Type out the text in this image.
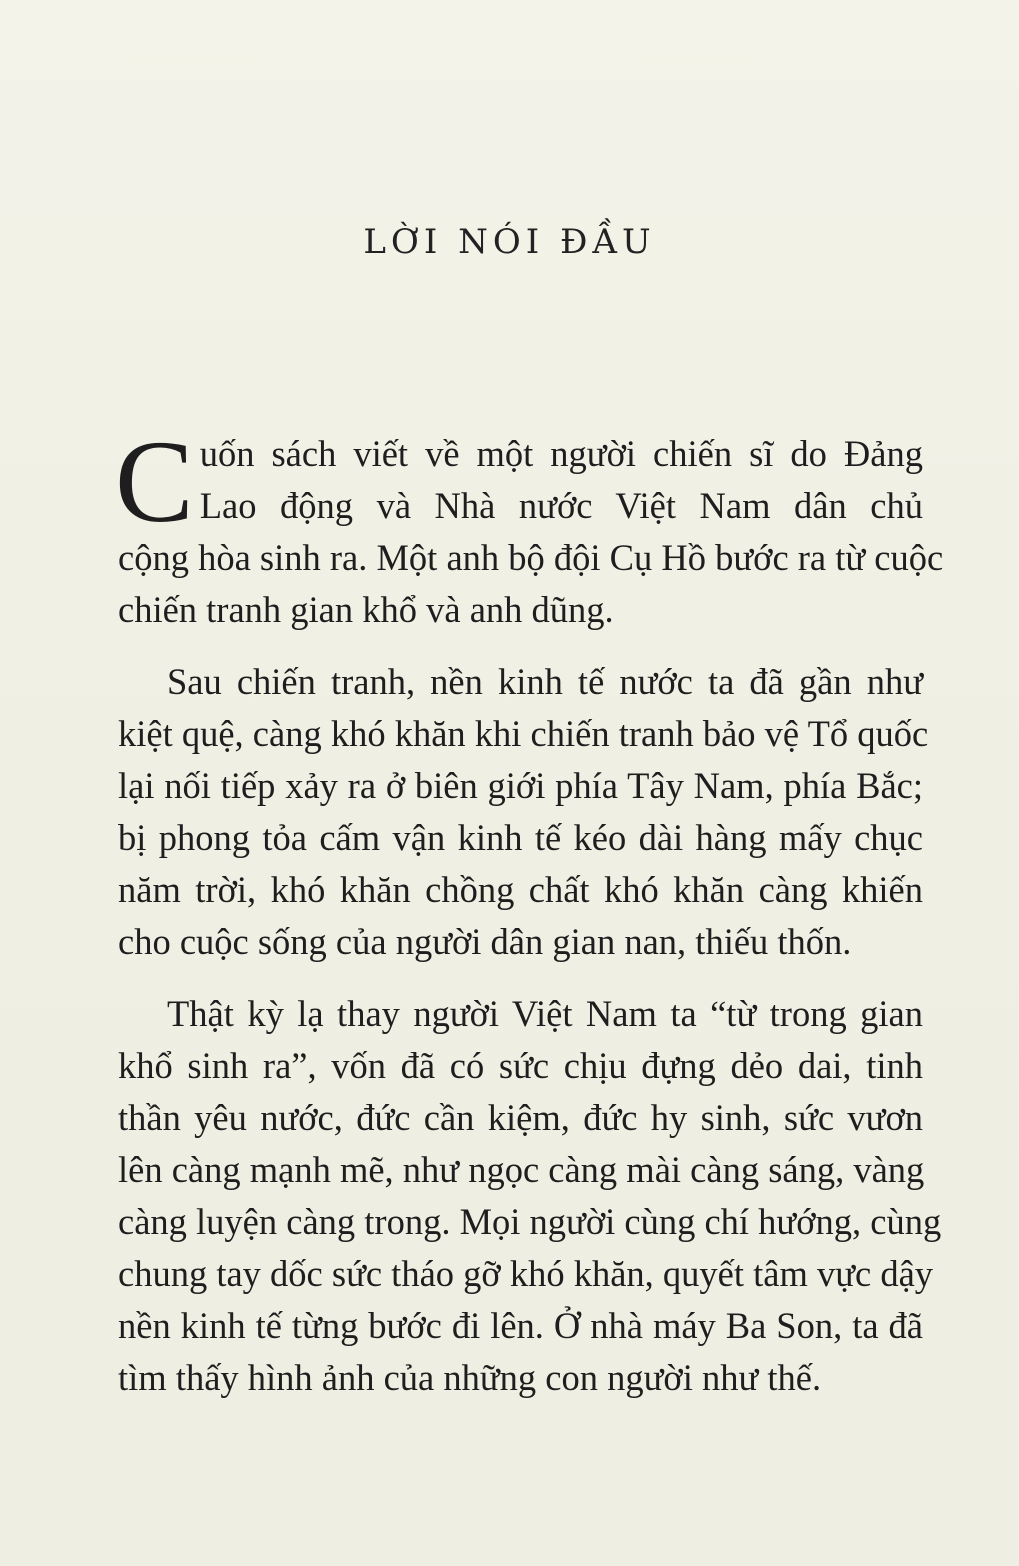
LỜI NÓI ĐẦU
C uốn sách viết về một người chiến sĩ do Đảng
Lao động và Nhà nước Việt Nam dân chủ
cộng hòa sinh ra. Một anh bộ đội Cụ Hồ bước ra từ cuộc
chiến tranh gian khổ và anh dũng.
Sau chiến tranh, nền kinh tế nước ta đã gần như
kiệt quệ, càng khó khăn khi chiến tranh bảo vệ Tổ quốc
lại nối tiếp xảy ra ở biên giới phía Tây Nam, phía Bắc;
bị phong tỏa cấm vận kinh tế kéo dài hàng mấy chục
năm trời, khó khăn chồng chất khó khăn càng khiến
cho cuộc sống của người dân gian nan, thiếu thốn.
Thật kỳ lạ thay người Việt Nam ta “từ trong gian
khổ sinh ra”, vốn đã có sức chịu đựng dẻo dai, tinh
thần yêu nước, đức cần kiệm, đức hy sinh, sức vươn
lên càng mạnh mẽ, như ngọc càng mài càng sáng, vàng
càng luyện càng trong. Mọi người cùng chí hướng, cùng
chung tay dốc sức tháo gỡ khó khăn, quyết tâm vực dậy
nền kinh tế từng bước đi lên. Ở nhà máy Ba Son, ta đã
tìm thấy hình ảnh của những con người như thế.
